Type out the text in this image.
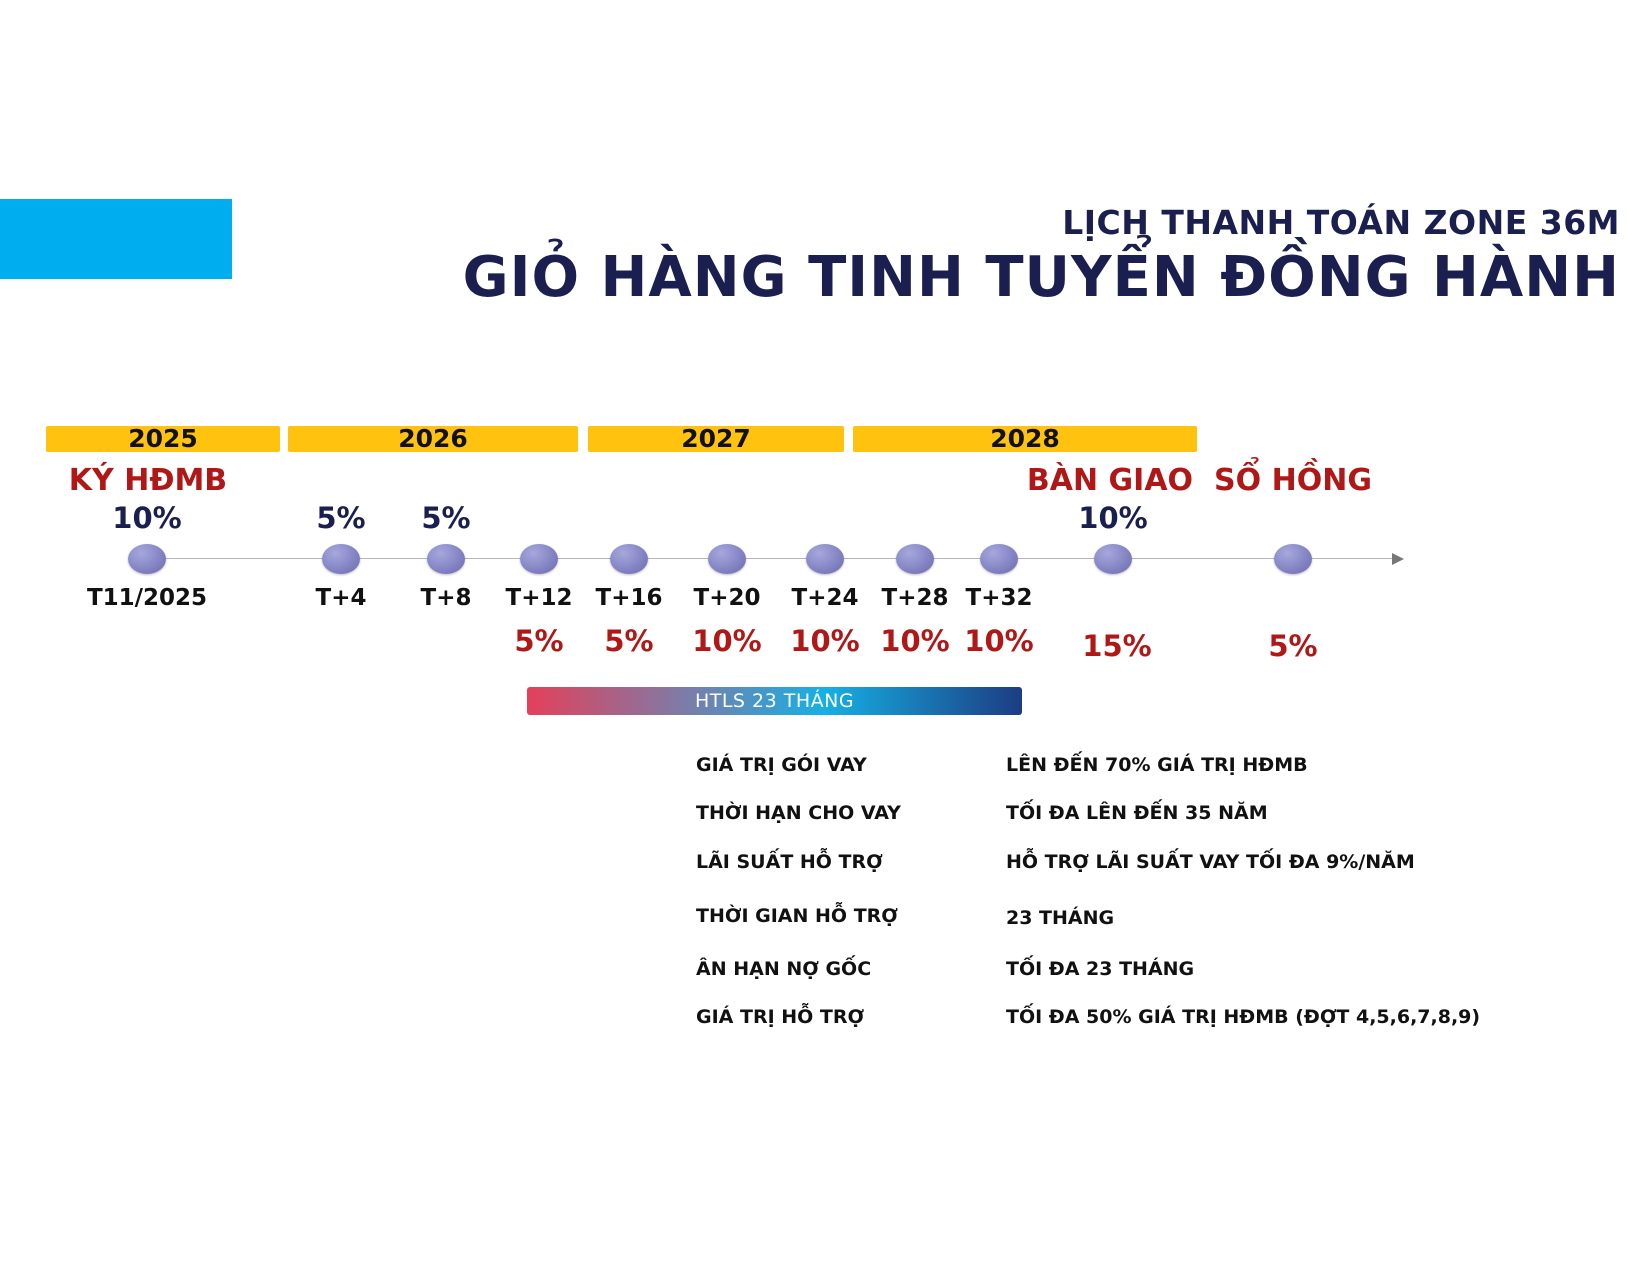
LỊCH THANH TOÁN ZONE 36M
GIỎ HÀNG TINH TUYỂN ĐỒNG HÀNH
2025	2026	2027	2028
KÝ HĐMB	BÀN GIAO SỔ HỒNG
10%
T11/2025
5%
T+4
5%
T+8	T+12
5%
T+16
5%
T+20
10%
T+24
10%
T+28
10%
T+32
10%
10%
15%	5%
HTLS 23 THÁNG
GIÁ TRỊ GÓI VAY	LÊN ĐẾN 70% GIÁ TRỊ HĐMB
THỜI HẠN CHO VAY	TỐI ĐA LÊN ĐẾN 35 NĂM
LÃI SUẤT HỖ TRỢ	HỖ TRỢ LÃI SUẤT VAY TỐI ĐA 9%/NĂM
THỜI GIAN HỖ TRỢ	23 THÁNG
ÂN HẠN NỢ GỐC	TỐI ĐA 23 THÁNG
GIÁ TRỊ HỖ TRỢ	TỐI ĐA 50% GIÁ TRỊ HĐMB (ĐỢT 4,5,6,7,8,9)
